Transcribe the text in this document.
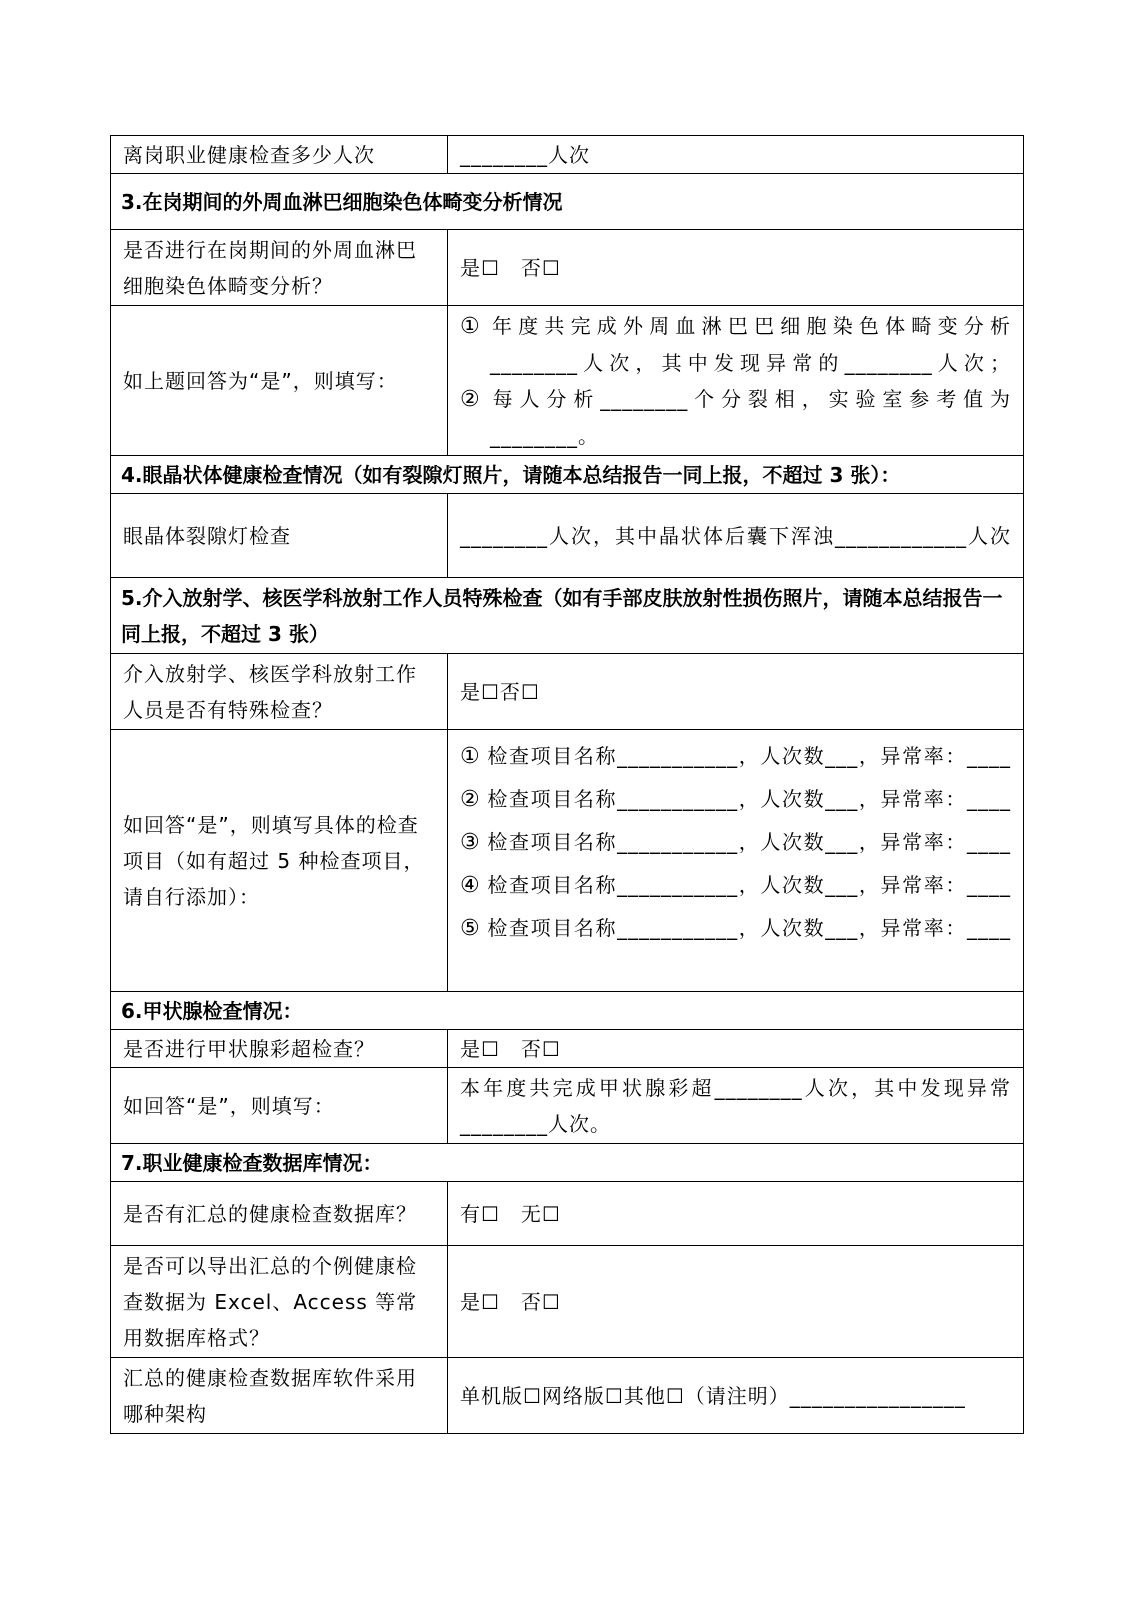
离岗职业健康检查多少人次	________人次
3.在岗期间的外周血淋巴细胞染色体畸变分析情况	
是否进行在岗期间的外周血淋巴细胞染色体畸变分析？	是☐　否☐
如上题回答为“是”，则填写：	① 年度共完成外周血淋巴巴细胞染色体畸变分析
________人次，其中发现异常的________人次；
② 每人分析________个分裂相，实验室参考值为
________。

4.眼晶状体健康检查情况（如有裂隙灯照片，请随本总结报告一同上报，不超过 3 张）：	
眼晶体裂隙灯检查	________人次，其中晶状体后囊下浑浊____________人次
5.介入放射学、核医学科放射工作人员特殊检查（如有手部皮肤放射性损伤照片，请随本总结报告一同上报，不超过 3 张）	
介入放射学、核医学科放射工作人员是否有特殊检查？	是☐否☐
如回答“是”，则填写具体的检查项目（如有超过 5 种检查项目，请自行添加）：	① 检查项目名称___________，人次数___，异常率：____
② 检查项目名称___________，人次数___，异常率：____
③ 检查项目名称___________，人次数___，异常率：____
④ 检查项目名称___________，人次数___，异常率：____
⑤ 检查项目名称___________，人次数___，异常率：____

6.甲状腺检查情况：	
是否进行甲状腺彩超检查？	是☐　否☐
如回答“是”，则填写：	本年度共完成甲状腺彩超________人次，其中发现异常
________人次。

7.职业健康检查数据库情况：	
是否有汇总的健康检查数据库？	有☐　无☐
是否可以导出汇总的个例健康检查数据为 Excel、Access 等常用数据库格式？	是☐　否☐
汇总的健康检查数据库软件采用哪种架构	单机版☐网络版☐其他☐（请注明）________________
